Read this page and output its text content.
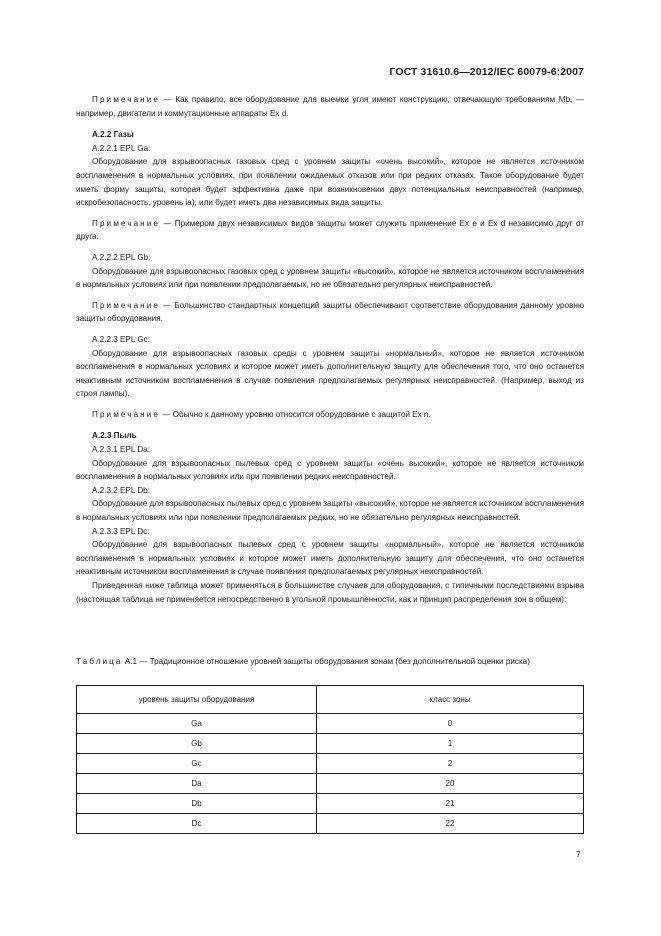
ГОСТ 31610.6—2012/IEC 60079-6:2007

Примечание — Как правило, все оборудование для выемки угля имеют конструкцию, отвечающую требованиям Mb, — например, двигатели и коммутационные аппараты Ex d.

A.2.2 Газы

A.2.2.1 EPL Ga:

Оборудование для взрывоопасных газовых сред с уровнем защиты «очень высокий», которое не является источником воспламенения в нормальных условиях, при появлении ожидаемых отказов или при редких отказах. Такое оборудование будет иметь форму защиты, которая будет эффективна даже при возникновении двух потенциальных неисправностей (например, искробезопасность, уровень ia), или будет иметь два независимых вида защиты.

Примечание — Примером двух независимых видов защиты может служить применение Ex e и Ex d независимо друг от друга.

A.2.2.2 EPL Gb:

Оборудование для взрывоопасных газовых сред с уровнем защиты «высокий», которое не является источником воспламенения в нормальных условиях или при появлении предполагаемых, но не обязательно регулярных неисправностей.

Примечание — Большинство стандартных концепций защиты обеспечивают соответствие оборудования данному уровню защиты оборудования.

A.2.2.3 EPL Gc:

Оборудование для взрывоопасных газовых среды с уровнем защиты «нормальный», которое не является источником воспламенения в нормальных условиях и которое может иметь дополнительную защиту для обеспечения того, что оно останется неактивным источником воспламенения в случае появления предполагаемых регулярных неисправностей. (Например, выход из строя лампы).

Примечание — Обычно к данному уровню относится оборудование с защитой Ex n.

A.2.3 Пыль

A.2.3.1 EPL Da:

Оборудование для взрывоопасных пылевых сред с уровнем защиты «очень высокий», которое не является источником воспламенения в нормальных условиях или при появлении редких неисправностей.

A.2.3.2 EPL Db:

Оборудование для взрывоопасных пылевых сред с уровнем защиты «высокий», которое не является источником воспламенения в нормальных условиях или при появлении предполагаемых редких, но не обязательно регулярных неисправностей.

A.2.3.3 EPL Dc:

Оборудование для взрывоопасных пылевых сред с уровнем защиты «нормальный», которое не является источником воспламенения в нормальных условиях и которое может иметь дополнительную защиту для обеспечения, что оно останется неактивным источником воспламенения в случае появления предполагаемых регулярных неисправностей.

Приведенная ниже таблица может применяться в большинстве случаев для оборудования, с типичными последствиями взрыва (настоящая таблица не применяется непосредственно в угольной промышленности, как и принцип распределения зон в общем):

Таблица A.1 — Традиционное отношение уровней защиты оборудования зонам (без дополнительной оценки риска)
уровень защиты оборудования	класс зоны
Ga	0
Gb	1
Gc	2
Da	20
Db	21
Dc	22
7
